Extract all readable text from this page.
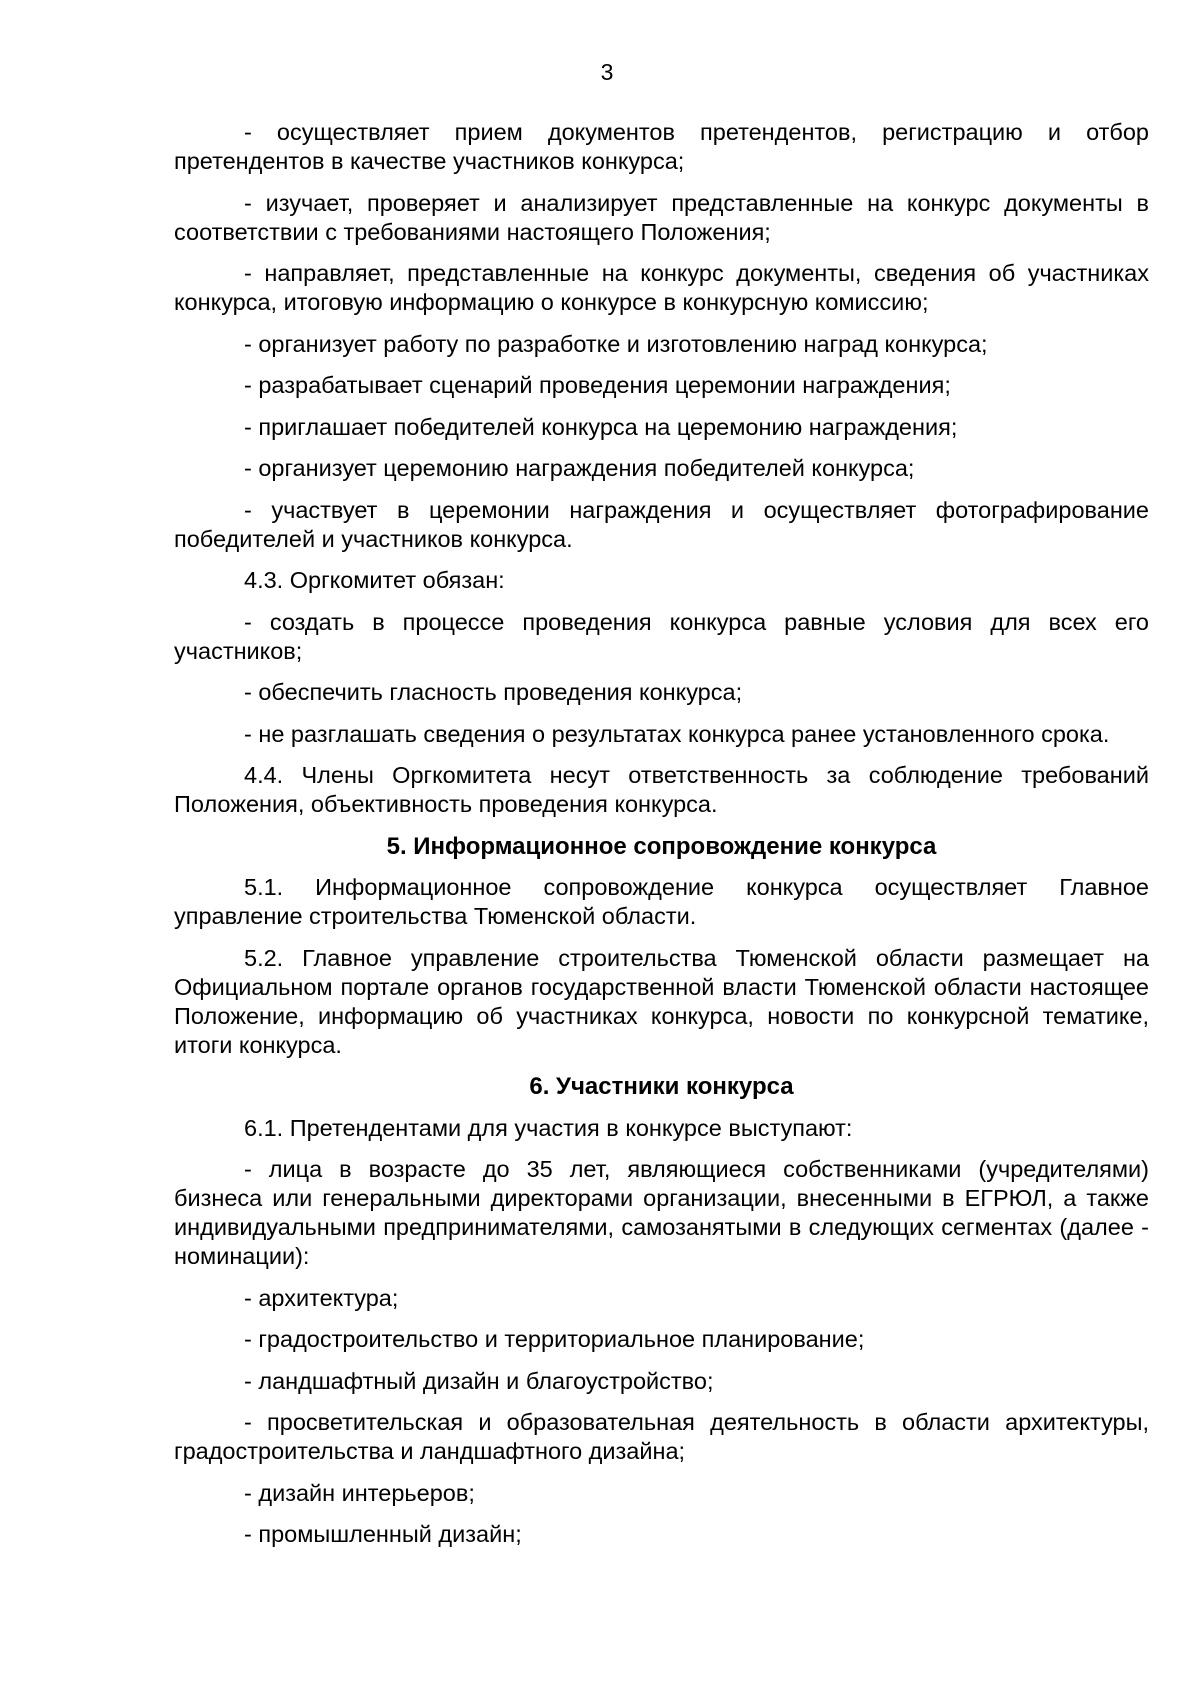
3

- осуществляет прием документов претендентов, регистрацию и отбор претендентов в качестве участников конкурса;

- изучает, проверяет и анализирует представленные на конкурс документы в соответствии с требованиями настоящего Положения;

- направляет, представленные на конкурс документы, сведения об участниках конкурса, итоговую информацию о конкурсе в конкурсную комиссию;

- организует работу по разработке и изготовлению наград конкурса;

- разрабатывает сценарий проведения церемонии награждения;

- приглашает победителей конкурса на церемонию награждения;

- организует церемонию награждения победителей конкурса;

- участвует в церемонии награждения и осуществляет фотографирование победителей и участников конкурса.

4.3. Оргкомитет обязан:

- создать в процессе проведения конкурса равные условия для всех его участников;

- обеспечить гласность проведения конкурса;

- не разглашать сведения о результатах конкурса ранее установленного срока.

4.4. Члены Оргкомитета несут ответственность за соблюдение требований Положения, объективность проведения конкурса.

5. Информационное сопровождение конкурса

5.1. Информационное сопровождение конкурса осуществляет Главное управление строительства Тюменской области.

5.2. Главное управление строительства Тюменской области размещает на Официальном портале органов государственной власти Тюменской области настоящее Положение, информацию об участниках конкурса, новости по конкурсной тематике, итоги конкурса.

6. Участники конкурса

6.1. Претендентами для участия в конкурсе выступают:

- лица в возрасте до 35 лет, являющиеся собственниками (учредителями) бизнеса или генеральными директорами организации, внесенными в ЕГРЮЛ, а также индивидуальными предпринимателями, самозанятыми в следующих сегментах (далее - номинации):

- архитектура;

- градостроительство и территориальное планирование;

- ландшафтный дизайн и благоустройство;

- просветительская и образовательная деятельность в области архитектуры, градостроительства и ландшафтного дизайна;

- дизайн интерьеров;

- промышленный дизайн;
